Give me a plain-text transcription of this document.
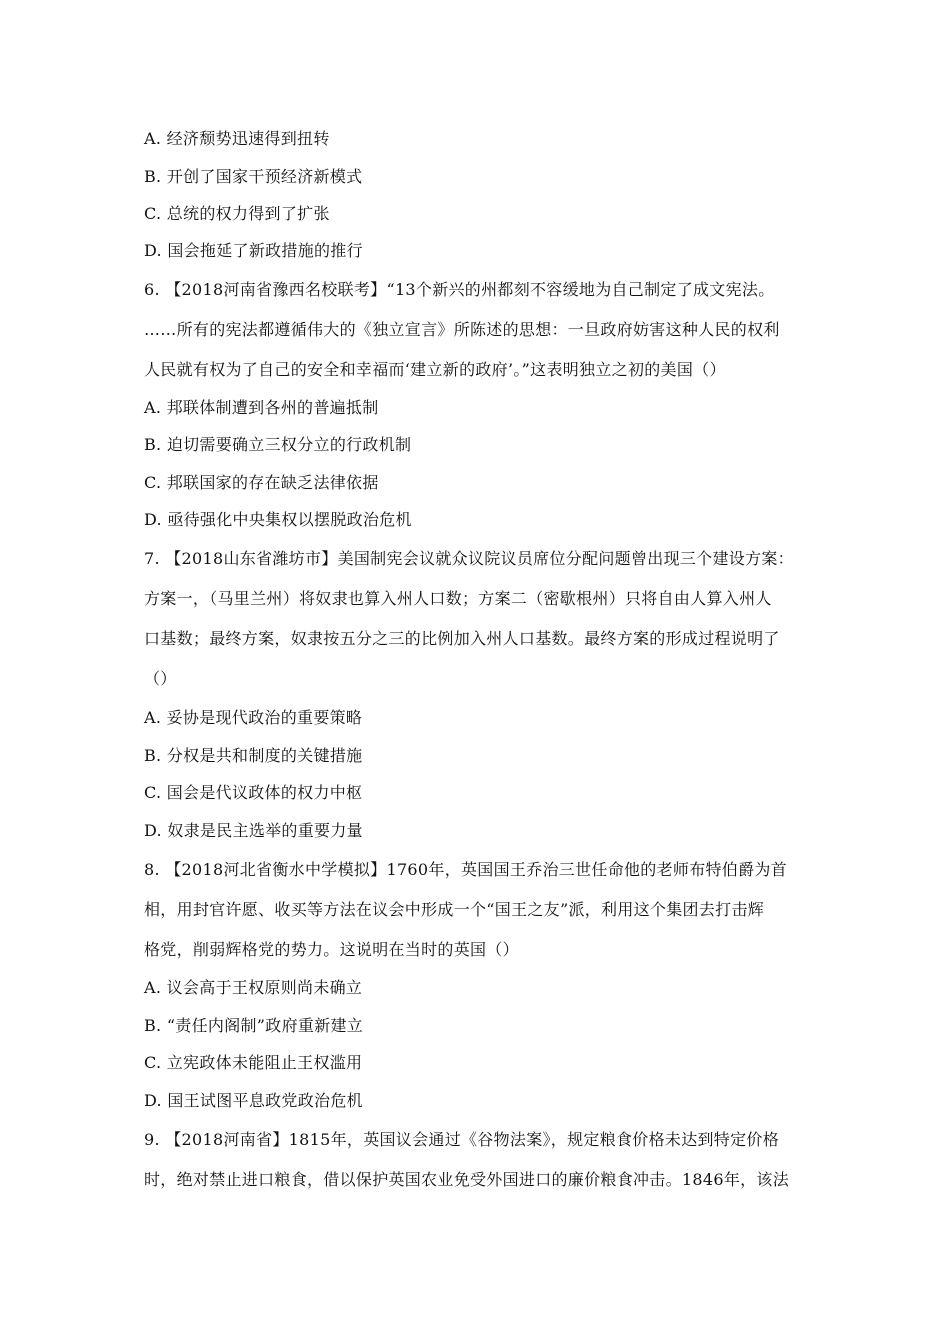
A. 经济颓势迅速得到扭转
B. 开创了国家干预经济新模式
C. 总统的权力得到了扩张
D. 国会拖延了新政措施的推行
6. 【2018河南省豫西名校联考】“13个新兴的州都刻不容缓地为自己制定了成文宪法。
……所有的宪法都遵循伟大的《独立宣言》所陈述的思想：一旦政府妨害这种人民的权利
人民就有权为了自己的安全和幸福而‘建立新的政府’。”这表明独立之初的美国（）
A. 邦联体制遭到各州的普遍抵制
B. 迫切需要确立三权分立的行政机制
C. 邦联国家的存在缺乏法律依据
D. 亟待强化中央集权以摆脱政治危机
7. 【2018山东省潍坊市】美国制宪会议就众议院议员席位分配问题曾出现三个建设方案：
方案一，（马里兰州）将奴隶也算入州人口数；方案二（密歇根州）只将自由人算入州人
口基数；最终方案，奴隶按五分之三的比例加入州人口基数。最终方案的形成过程说明了
（）
A. 妥协是现代政治的重要策略
B. 分权是共和制度的关键措施
C. 国会是代议政体的权力中枢
D. 奴隶是民主选举的重要力量
8. 【2018河北省衡水中学模拟】1760年，英国国王乔治三世任命他的老师布特伯爵为首
相，用封官许愿、收买等方法在议会中形成一个“国王之友”派，利用这个集团去打击辉
格党，削弱辉格党的势力。这说明在当时的英国（）
A. 议会高于王权原则尚未确立
B. “责任内阁制”政府重新建立
C. 立宪政体未能阻止王权滥用
D. 国王试图平息政党政治危机
9. 【2018河南省】1815年，英国议会通过《谷物法案》，规定粮食价格未达到特定价格
时，绝对禁止进口粮食，借以保护英国农业免受外国进口的廉价粮食冲击。1846年，该法
